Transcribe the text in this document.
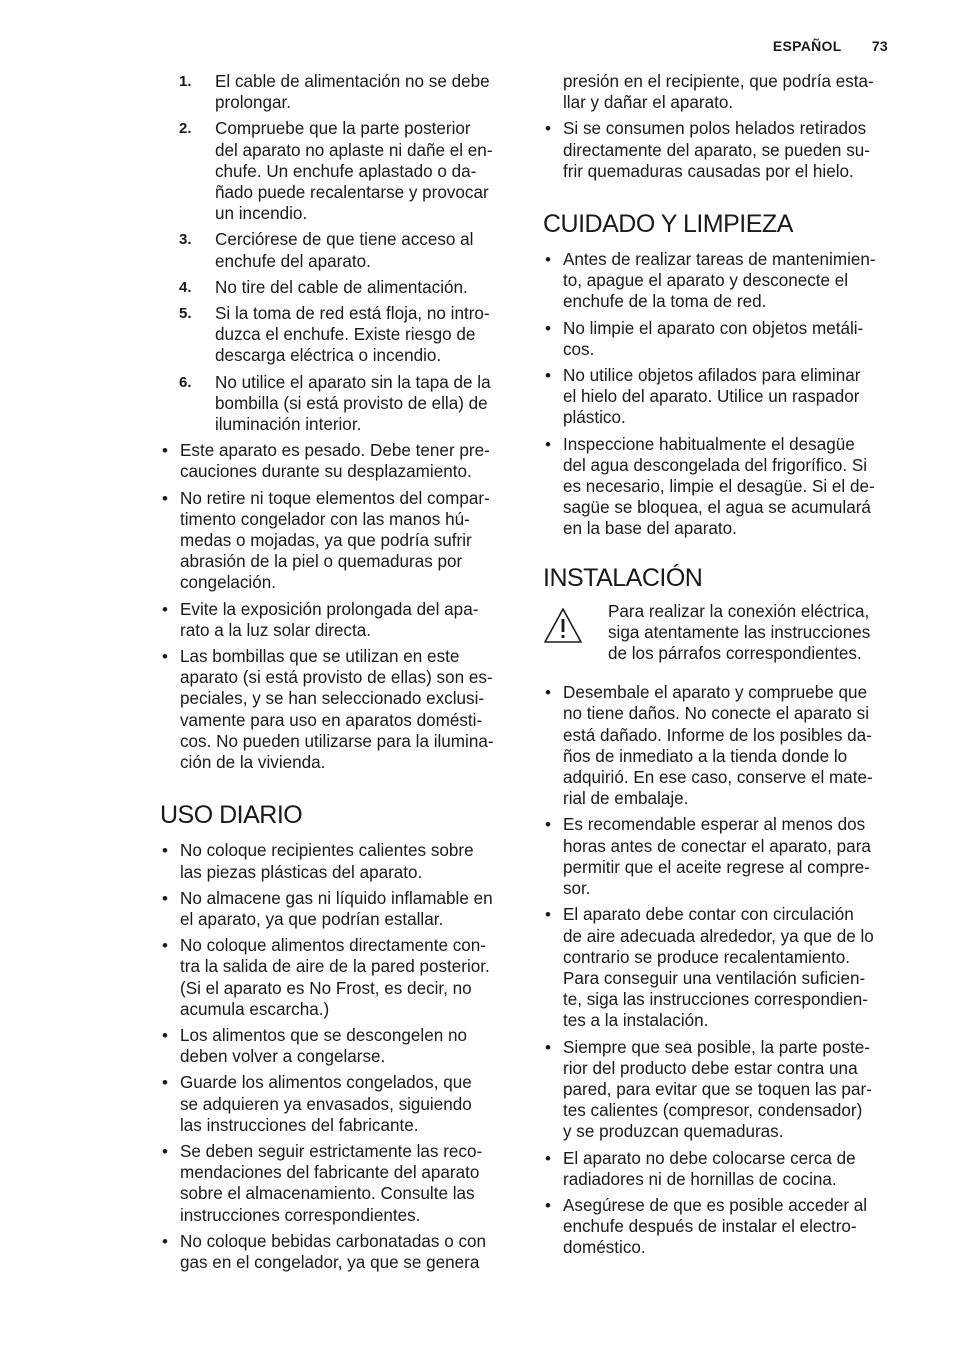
ESPAÑOL 73
1. El cable de alimentación no se debe
prolongar.

2. Compruebe que la parte posterior
del aparato no aplaste ni dañe el en-
chufe. Un enchufe aplastado o da-
ñado puede recalentarse y provocar
un incendio.

3. Cerciórese de que tiene acceso al
enchufe del aparato.

4. No tire del cable de alimentación.

5. Si la toma de red está floja, no intro-
duzca el enchufe. Existe riesgo de
descarga eléctrica o incendio.

6. No utilice el aparato sin la tapa de la
bombilla (si está provisto de ella) de
iluminación interior.

• Este aparato es pesado. Debe tener pre-
cauciones durante su desplazamiento.

• No retire ni toque elementos del compar-
timento congelador con las manos hú-
medas o mojadas, ya que podría sufrir
abrasión de la piel o quemaduras por
congelación.

• Evite la exposición prolongada del apa-
rato a la luz solar directa.

• Las bombillas que se utilizan en este
aparato (si está provisto de ellas) son es-
peciales, y se han seleccionado exclusi-
vamente para uso en aparatos domésti-
cos. No pueden utilizarse para la ilumina-
ción de la vivienda.

USO DIARIO
• No coloque recipientes calientes sobre
las piezas plásticas del aparato.

• No almacene gas ni líquido inflamable en
el aparato, ya que podrían estallar.

• No coloque alimentos directamente con-
tra la salida de aire de la pared posterior.
(Si el aparato es No Frost, es decir, no
acumula escarcha.)

• Los alimentos que se descongelen no
deben volver a congelarse.

• Guarde los alimentos congelados, que
se adquieren ya envasados, siguiendo
las instrucciones del fabricante.

• Se deben seguir estrictamente las reco-
mendaciones del fabricante del aparato
sobre el almacenamiento. Consulte las
instrucciones correspondientes.

• No coloque bebidas carbonatadas o con
gas en el congelador, ya que se genera

presión en el recipiente, que podría esta-
llar y dañar el aparato.

• Si se consumen polos helados retirados
directamente del aparato, se pueden su-
frir quemaduras causadas por el hielo.

CUIDADO Y LIMPIEZA
• Antes de realizar tareas de mantenimien-
to, apague el aparato y desconecte el
enchufe de la toma de red.

• No limpie el aparato con objetos metáli-
cos.

• No utilice objetos afilados para eliminar
el hielo del aparato. Utilice un raspador
plástico.

• Inspeccione habitualmente el desagüe
del agua descongelada del frigorífico. Si
es necesario, limpie el desagüe. Si el de-
sagüe se bloquea, el agua se acumulará
en la base del aparato.

INSTALACIÓN

Para realizar la conexión eléctrica,
siga atentamente las instrucciones
de los párrafos correspondientes.

• Desembale el aparato y compruebe que
no tiene daños. No conecte el aparato si
está dañado. Informe de los posibles da-
ños de inmediato a la tienda donde lo
adquirió. En ese caso, conserve el mate-
rial de embalaje.

• Es recomendable esperar al menos dos
horas antes de conectar el aparato, para
permitir que el aceite regrese al compre-
sor.

• El aparato debe contar con circulación
de aire adecuada alrededor, ya que de lo
contrario se produce recalentamiento.
Para conseguir una ventilación suficien-
te, siga las instrucciones correspondien-
tes a la instalación.

• Siempre que sea posible, la parte poste-
rior del producto debe estar contra una
pared, para evitar que se toquen las par-
tes calientes (compresor, condensador)
y se produzcan quemaduras.

• El aparato no debe colocarse cerca de
radiadores ni de hornillas de cocina.

• Asegúrese de que es posible acceder al
enchufe después de instalar el electro-
doméstico.
